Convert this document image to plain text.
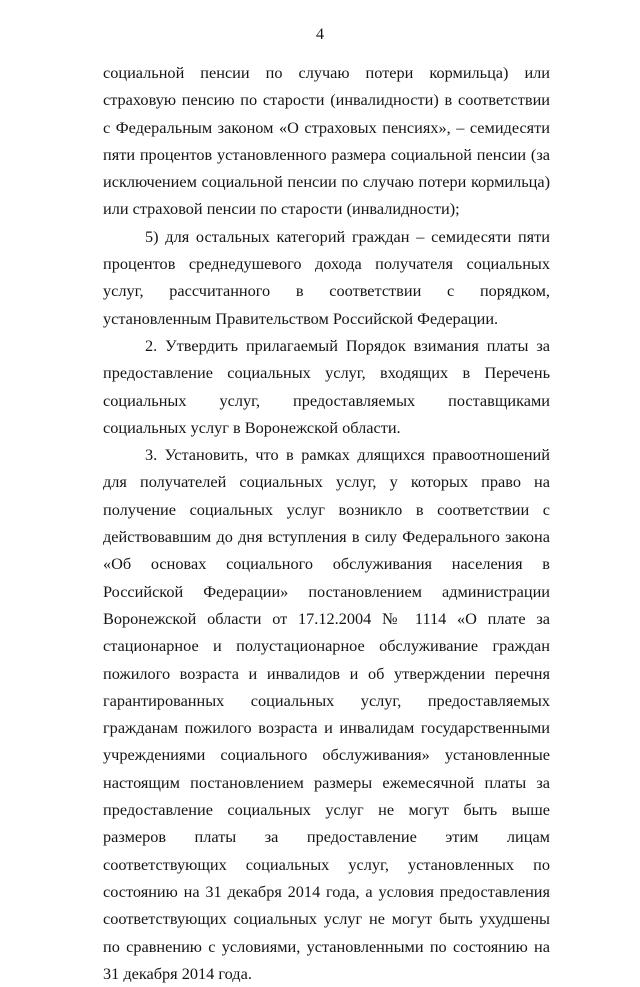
4

социальной пенсии по случаю потери кормильца) или страховую пенсию по старости (инвалидности) в соответствии с Федеральным законом «О страховых пенсиях», – семидесяти пяти процентов установленного размера социальной пенсии (за исключением социальной пенсии по случаю потери кормильца) или страховой пенсии по старости (инвалидности);

5) для остальных категорий граждан – семидесяти пяти процентов среднедушевого дохода получателя социальных услуг, рассчитанного в соответствии с порядком, установленным Правительством Российской Федерации.

2. Утвердить прилагаемый Порядок взимания платы за предоставление социальных услуг, входящих в Перечень социальных услуг, предоставляемых поставщиками социальных услуг в Воронежской области.

3. Установить, что в рамках длящихся правоотношений для получателей социальных услуг, у которых право на получение социальных услуг возникло в соответствии с действовавшим до дня вступления в силу Федерального закона «Об основах социального обслуживания населения в Российской Федерации» постановлением администрации Воронежской области от 17.12.2004 № 1114 «О плате за стационарное и полустационарное обслуживание граждан пожилого возраста и инвалидов и об утверждении перечня гарантированных социальных услуг, предоставляемых гражданам пожилого возраста и инвалидам государственными учреждениями социального обслуживания» установленные настоящим постановлением размеры ежемесячной платы за предоставление социальных услуг не могут быть выше размеров платы за предоставление этим лицам соответствующих социальных услуг, установленных по состоянию на 31 декабря 2014 года, а условия предоставления соответствующих социальных услуг не могут быть ухудшены по сравнению с условиями, установленными по состоянию на 31 декабря 2014 года.
